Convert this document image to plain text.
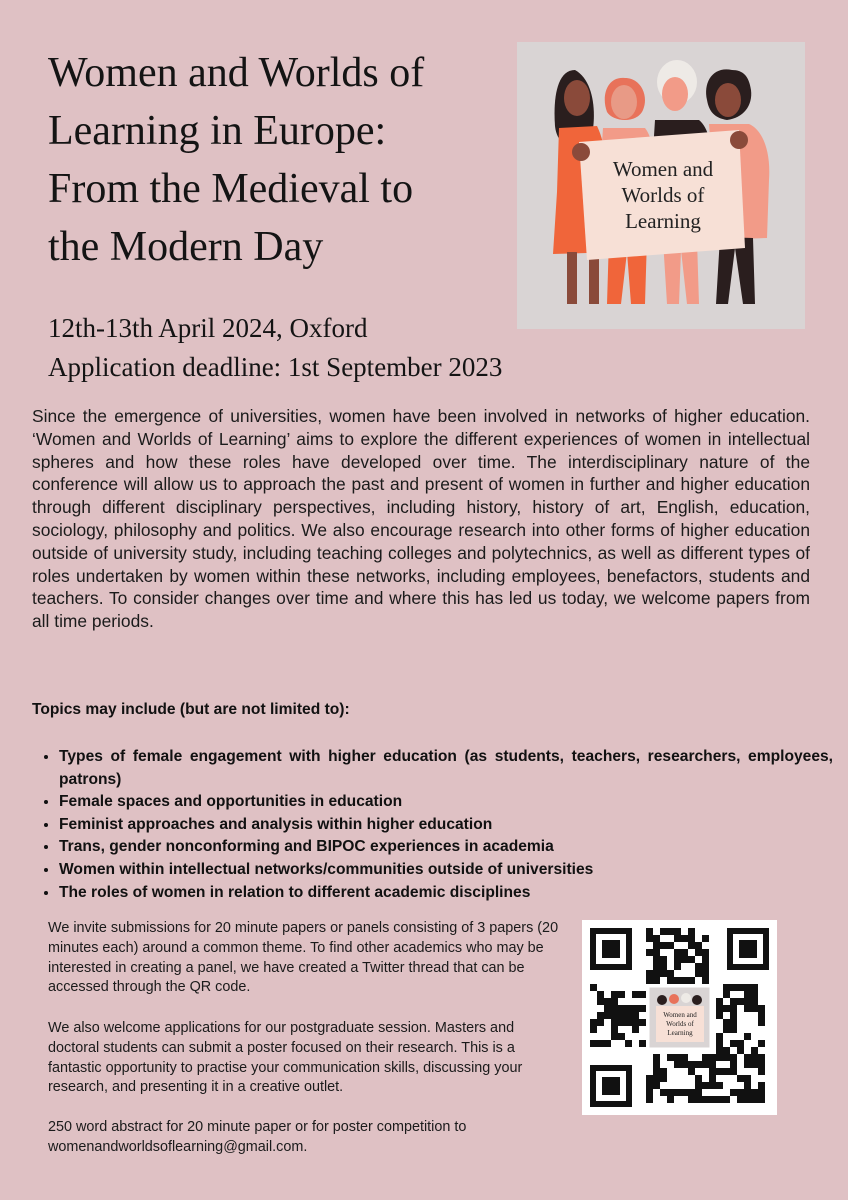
Women and Worlds of
Learning in Europe:
From the Medieval to
the Modern Day
12th-13th April 2024, Oxford
Application deadline: 1st September 2023
Women and
Worlds of
Learning

Since the emergence of universities, women have been involved in networks of higher education. ‘Women and Worlds of Learning’ aims to explore the different experiences of women in intellectual spheres and how these roles have developed over time. The interdisciplinary nature of the conference will allow us to approach the past and present of women in further and higher education through different disciplinary perspectives, including history, history of art, English, education, sociology, philosophy and politics. We also encourage research into other forms of higher education outside of university study, including teaching colleges and polytechnics, as well as different types of roles undertaken by women within these networks, including employees, benefactors, students and teachers. To consider changes over time and where this has led us today, we welcome papers from all time periods.

Topics may include (but are not limited to):
• Types of female engagement with higher education (as students, teachers, researchers, employees, patrons)
• Female spaces and opportunities in education
• Feminist approaches and analysis within higher education
• Trans, gender nonconforming and BIPOC experiences in academia
• Women within intellectual networks/communities outside of universities
• The roles of women in relation to different academic disciplines

We invite submissions for 20 minute papers or panels consisting of 3 papers (20 minutes each) around a common theme. To find other academics who may be interested in creating a panel, we have created a Twitter thread that can be accessed through the QR code.

We also welcome applications for our postgraduate session. Masters and doctoral students can submit a poster focused on their research. This is a fantastic opportunity to practise your communication skills, discussing your research, and presenting it in a creative outlet.

250 word abstract for 20 minute paper or for poster competition to
womenandworldsoflearning@gmail.com.

Women and
Worlds of
Learning
